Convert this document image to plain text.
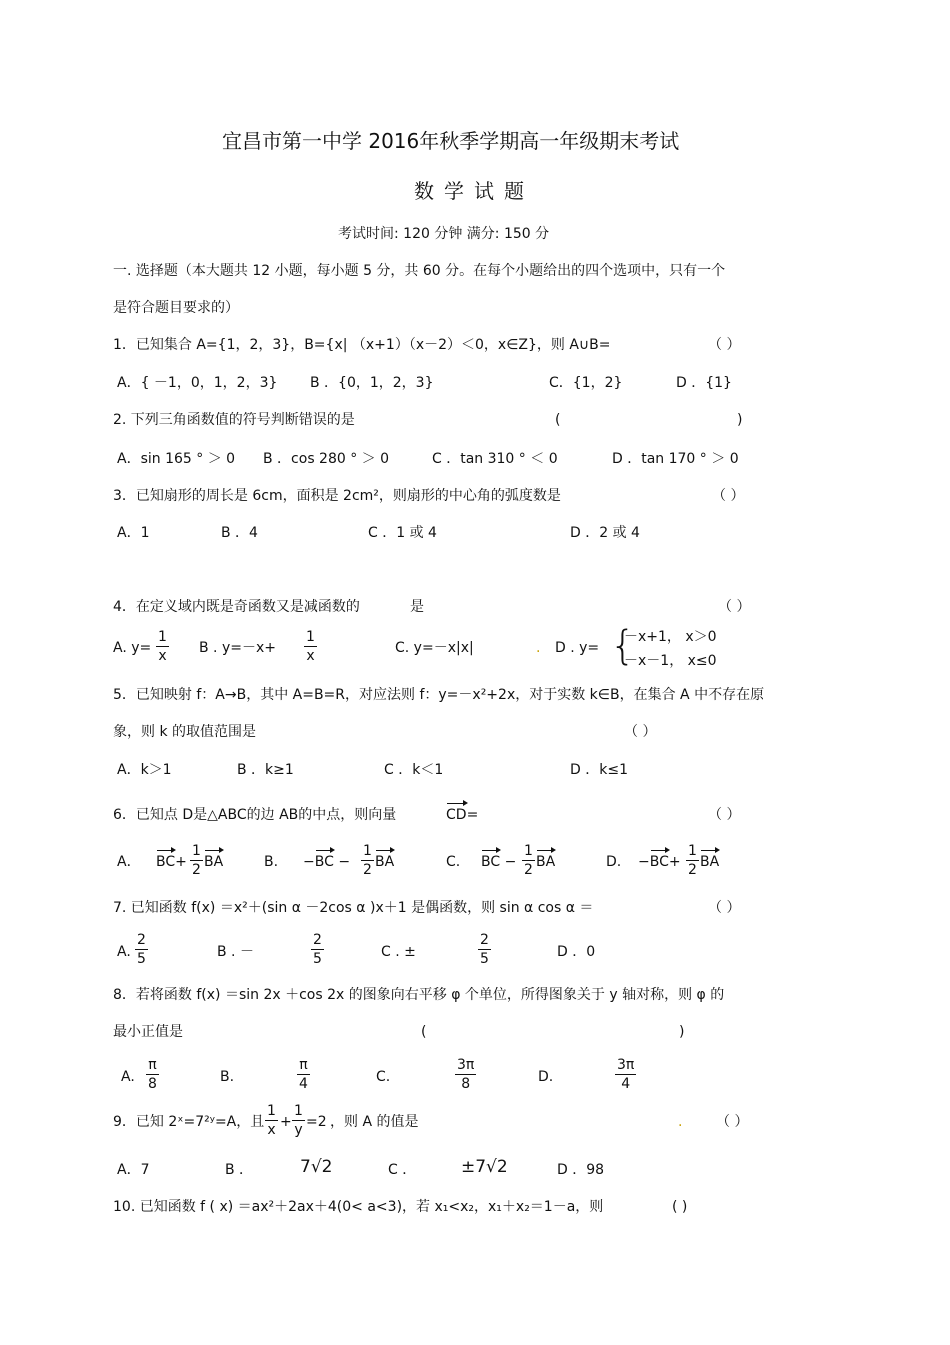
宜昌市第一中学 2016年秋季学期高一年级期末考试
数学试题
考试时间: 120 分钟 满分: 150 分
一. 选择题（本大题共 12 小题，每小题 5 分，共 60 分。在每个小题给出的四个选项中，只有一个
是符合题目要求的）
1．已知集合 A={1，2，3}，B={x| （x+1）（x－2）＜0，x∈Z}，则 A∪B=	（ ）
A．{ －1，0，1，2，3} B ．{0，1，2，3}	C．{1，2}	D ．{1}
2. 下列三角函数值的符号判断错误的是	(	)
A．sin 165 ° ＞ 0 B ．cos 280 ° ＞ 0	C ．tan 310 ° ＜ 0	D ．tan 170 ° ＞ 0
3．已知扇形的周长是 6cm，面积是 2cm²，则扇形的中心角的弧度数是	（ ）
A．1	B ．4	C ．1 或 4	D ．2 或 4
4．在定义域内既是奇函数又是减函数的	是	（ ）
A. y=
1
x B . y=－x+
1
x	C. y=－x|x|	. D . y= {
－x+1， x＞0
－x－1， x≤0
5．已知映射 f：A→B，其中 A=B=R，对应法则 f：y=－x²+2x，对于实数 k∈B，在集合 A 中不存在原
象，则 k 的取值范围是	（ ）
A．k＞1	B ．k≥1	C ．k＜1	D ．k≤1
6．已知点 D是△ABC的边 AB的中点，则向量	CD=	（ ）
A． BC+
1
2 BA	B. −BC −
1
2 BA	C. BC −
1
2 BA	D. −BC+
1
2 BA
7. 已知函数 f(x) ＝x²＋(sin α －2cos α )x＋1 是偶函数，则 sin α cos α ＝	（ ）
A.
2
5	B . －
2
5	C . ±
2
5	D ．0
8．若将函数 f(x) ＝sin 2x ＋cos 2x 的图象向右平移 φ 个单位，所得图象关于 y 轴对称，则 φ 的
最小正值是	(	)
A.
π
8	B.
π
4	C.
3π
8	D.
3π
4
9．已知 2ˣ=7²ʸ=A，且
1
x +
1
y =2 ，则 A 的值是	. （ ）
A．7	B ．	7√2	C ．	±7√2	D ．98
10. 已知函数 f ( x) ＝ax²＋2ax＋4(0< a<3)，若 x₁<x₂，x₁＋x₂＝1－a，则	( )
